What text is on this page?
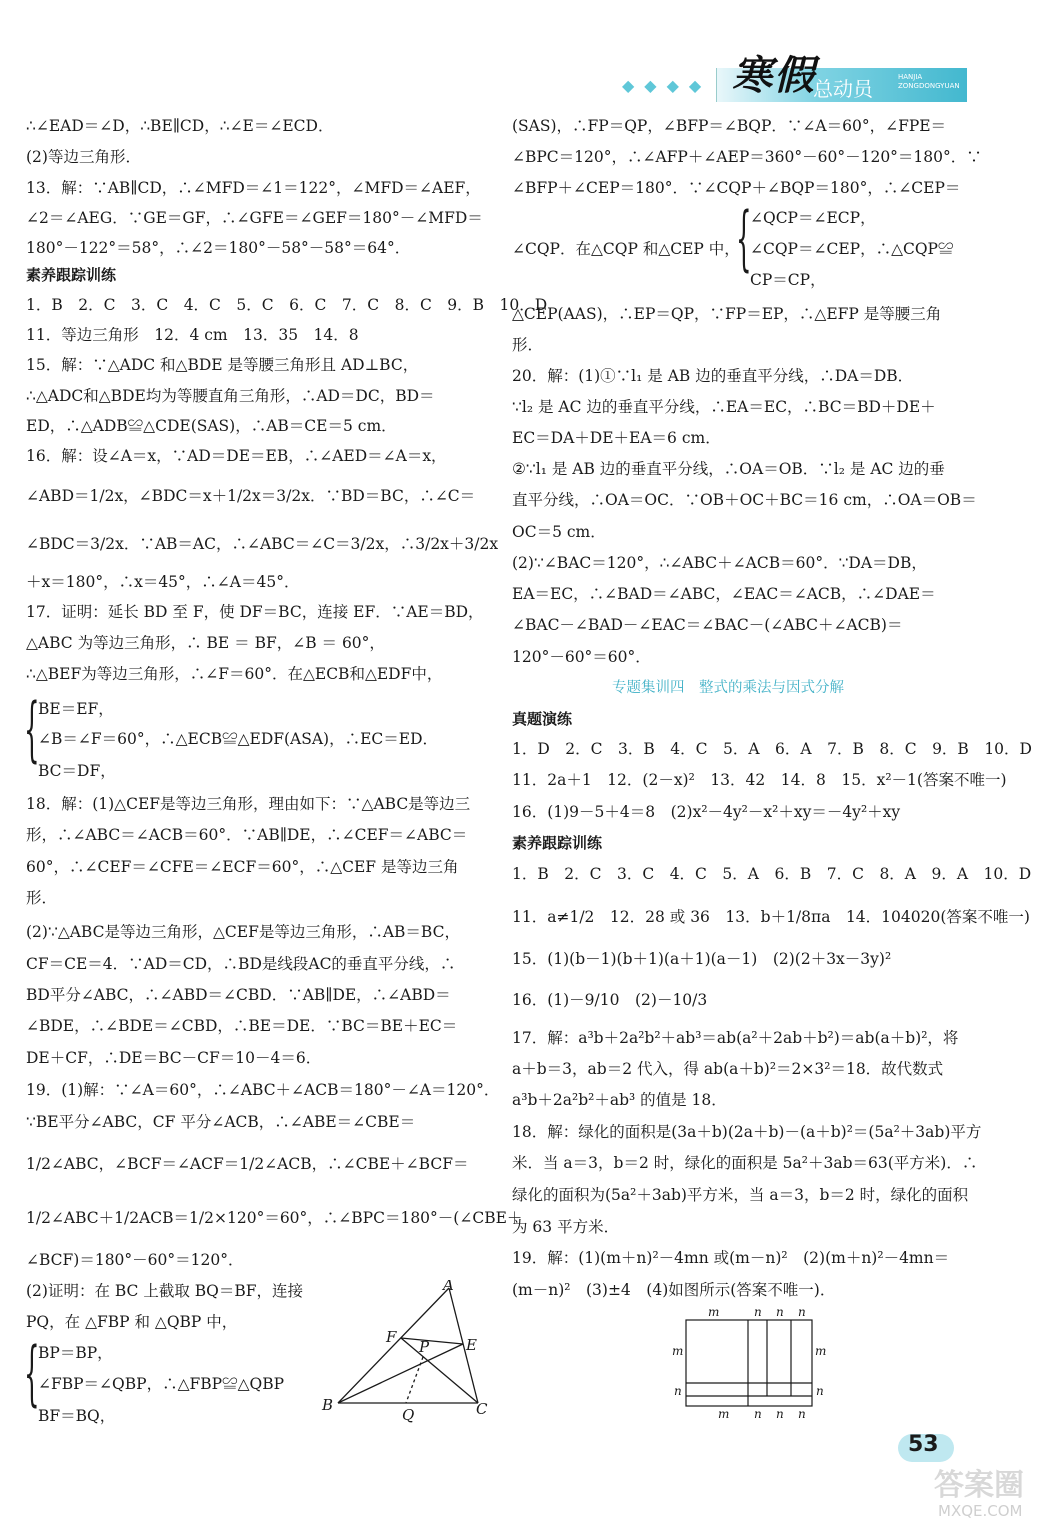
◆◆◆◆ 寒假
总动员	HANJIA ZONGDONGYUAN
∴∠EAD＝∠D，∴BE∥CD，∴∠E＝∠ECD．
(2)等边三角形．
13．解：∵AB∥CD，∴∠MFD＝∠1＝122°，∠MFD＝∠AEF，
∠2＝∠AEG．∵GE＝GF，∴∠GFE＝∠GEF＝180°－∠MFD＝
180°－122°＝58°，∴∠2＝180°－58°－58°＝64°．
素养跟踪训练
1．B　2．C　3．C　4．C　5．C　6．C　7．C　8．C　9．B　10．D
11．等边三角形　12．4 cm　13．35　14．8
15．解：∵△ADC 和△BDE 是等腰三角形且 AD⊥BC，
∴△ADC和△BDE均为等腰直角三角形，∴AD＝DC，BD＝
ED，∴△ADB≌△CDE(SAS)，∴AB＝CE＝5 cm．
16．解：设∠A＝x，∵AD＝DE＝EB，∴∠AED＝∠A＝x，
∠ABD＝1/2x，∠BDC＝x＋1/2x＝3/2x．∵BD＝BC，∴∠C＝
∠BDC＝3/2x．∵AB＝AC，∴∠ABC＝∠C＝3/2x，∴3/2x＋3/2x
＋x＝180°，∴x＝45°，∴∠A＝45°．
17．证明：延长 BD 至 F，使 DF＝BC，连接 EF．∵AE＝BD，
△ABC 为等边三角形，∴ BE ＝ BF，∠B ＝ 60°，
∴△BEF为等边三角形，∴∠F＝60°．在△ECB和△EDF中，
{
BE＝EF，
∠B＝∠F＝60°，∴△ECB≌△EDF(ASA)，∴EC＝ED．
BC＝DF，
18．解：(1)△CEF是等边三角形，理由如下：∵△ABC是等边三
形，∴∠ABC＝∠ACB＝60°．∵AB∥DE，∴∠CEF＝∠ABC＝
60°，∴∠CEF＝∠CFE＝∠ECF＝60°，∴△CEF 是等边三角
形．
(2)∵△ABC是等边三角形，△CEF是等边三角形，∴AB＝BC，
CF＝CE＝4．∵AD＝CD，∴BD是线段AC的垂直平分线，∴
BD平分∠ABC，∴∠ABD＝∠CBD．∵AB∥DE，∴∠ABD＝
∠BDE，∴∠BDE＝∠CBD，∴BE＝DE．∵BC＝BE＋EC＝
DE＋CF，∴DE＝BC－CF＝10－4＝6．
19．(1)解：∵∠A＝60°，∴∠ABC＋∠ACB＝180°－∠A＝120°．
∵BE平分∠ABC，CF 平分∠ACB，∴∠ABE＝∠CBE＝
1/2∠ABC，∠BCF＝∠ACF＝1/2∠ACB，∴∠CBE＋∠BCF＝
1/2∠ABC＋1/2ACB＝1/2×120°＝60°，∴∠BPC＝180°－(∠CBE＋
∠BCF)＝180°－60°＝120°．
(2)证明：在 BC 上截取 BQ＝BF，连接
PQ，在 △FBP 和 △QBP 中，
{
BP＝BP，
∠FBP＝∠QBP，∴△FBP≌△QBP
BF＝BQ，
A
B	C
E
F
P
Q
(SAS)，∴FP＝QP，∠BFP＝∠BQP．∵∠A＝60°，∠FPE＝
∠BPC＝120°，∴∠AFP＋∠AEP＝360°－60°－120°＝180°．∵
∠BFP＋∠CEP＝180°．∵∠CQP＋∠BQP＝180°，∴∠CEP＝
{
∠QCP＝∠ECP，
∠CQP．在△CQP 和△CEP 中， ∠CQP＝∠CEP，∴△CQP≌
CP＝CP，
△CEP(AAS)，∴EP＝QP，∵FP＝EP，∴△EFP 是等腰三角
形．
20．解：(1)①∵l₁ 是 AB 边的垂直平分线，∴DA＝DB．
∵l₂ 是 AC 边的垂直平分线，∴EA＝EC，∴BC＝BD＋DE＋
EC＝DA＋DE＋EA＝6 cm．
②∵l₁ 是 AB 边的垂直平分线，∴OA＝OB．∵l₂ 是 AC 边的垂
直平分线，∴OA＝OC．∵OB＋OC＋BC＝16 cm，∴OA＝OB＝
OC＝5 cm．
(2)∵∠BAC＝120°，∴∠ABC＋∠ACB＝60°．∵DA＝DB，
EA＝EC，∴∠BAD＝∠ABC，∠EAC＝∠ACB，∴∠DAE＝
∠BAC－∠BAD－∠EAC＝∠BAC－(∠ABC＋∠ACB)＝
120°－60°＝60°．
专题集训四　整式的乘法与因式分解
真题演练
1．D　2．C　3．B　4．C　5．A　6．A　7．B　8．C　9．B　10．D
11．2a＋1　12．(2－x)²　13．42　14．8　15．x²－1(答案不唯一)
16．(1)9－5＋4＝8　(2)x²－4y²－x²＋xy＝－4y²＋xy
素养跟踪训练
1．B　2．C　3．C　4．C　5．A　6．B　7．C　8．A　9．A　10．D
11．a≠1/2　12．28 或 36　13．b＋1/8πa　14．104020(答案不唯一)
15．(1)(b－1)(b＋1)(a＋1)(a－1)　(2)(2＋3x－3y)²
16．(1)－9/10　(2)－10/3
17．解：a³b＋2a²b²＋ab³＝ab(a²＋2ab＋b²)＝ab(a＋b)²，将
a＋b＝3，ab＝2 代入，得 ab(a＋b)²＝2×3²＝18．故代数式
a³b＋2a²b²＋ab³ 的值是 18．
18．解：绿化的面积是(3a＋b)(2a＋b)－(a＋b)²＝(5a²＋3ab)平方
米．当 a＝3，b＝2 时，绿化的面积是 5a²＋3ab＝63(平方米)．∴
绿化的面积为(5a²＋3ab)平方米，当 a＝3，b＝2 时，绿化的面积
为 63 平方米．
19．解：(1)(m＋n)²－4mn 或(m－n)²　(2)(m＋n)²－4mn＝
(m－n)²　(3)±4　(4)如图所示(答案不唯一)．
m	n n n
m n n n
m
n
m
n
53
答案圈
MXQE.COM
